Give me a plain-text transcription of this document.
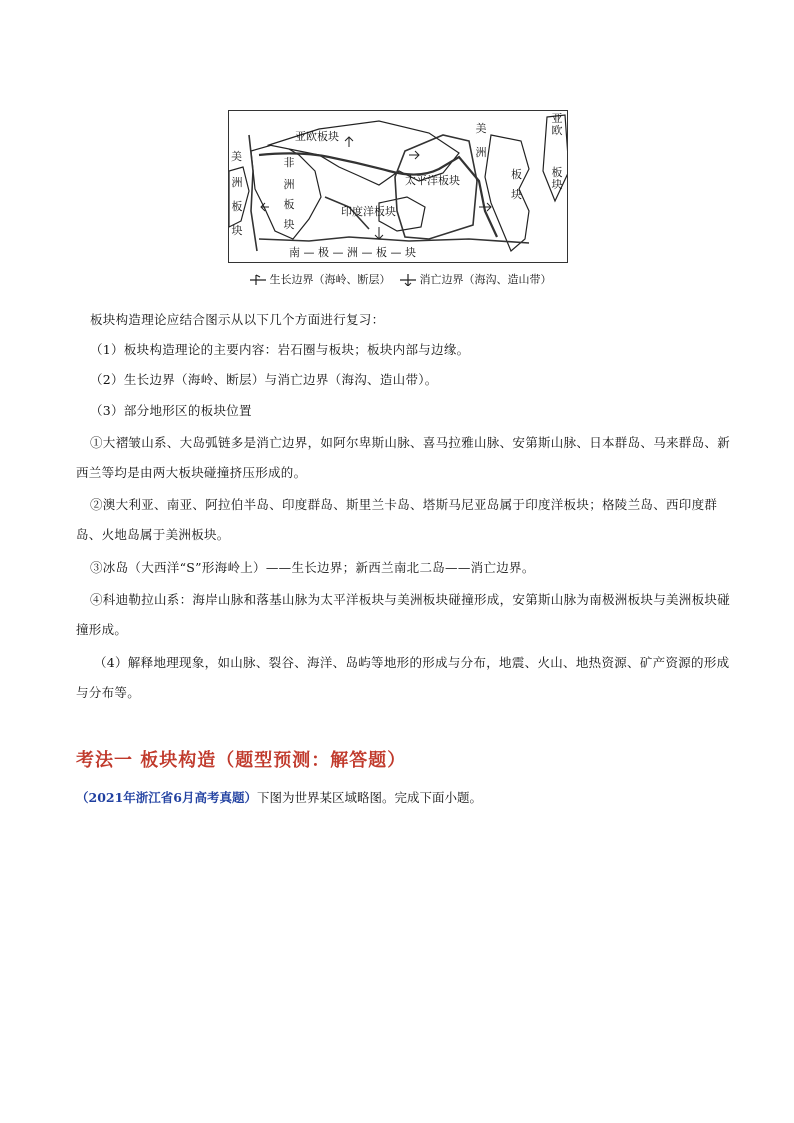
亚欧板块
太平洋板块
印度洋板块
南 — 极 — 洲 — 板 — 块
美	非
洲
板
块
洲
板
块
美
洲
亚
欧
板
块
生长边界（海岭、断层）	消亡边界（海沟、造山带）
板块构造理论应结合图示从以下几个方面进行复习：
（1）板块构造理论的主要内容：岩石圈与板块；板块内部与边缘。
（2）生长边界（海岭、断层）与消亡边界（海沟、造山带）。
（3）部分地形区的板块位置
①大褶皱山系、大岛弧链多是消亡边界，如阿尔卑斯山脉、喜马拉雅山脉、安第斯山脉、日本群岛、马来群岛、新西兰等均是由两大板块碰撞挤压形成的。
②澳大利亚、南亚、阿拉伯半岛、印度群岛、斯里兰卡岛、塔斯马尼亚岛属于印度洋板块；格陵兰岛、西印度群岛、火地岛属于美洲板块。
③冰岛（大西洋“S”形海岭上）——生长边界；新西兰南北二岛——消亡边界。
④科迪勒拉山系：海岸山脉和落基山脉为太平洋板块与美洲板块碰撞形成，安第斯山脉为南极洲板块与美洲板块碰撞形成。
（4）解释地理现象，如山脉、裂谷、海洋、岛屿等地形的形成与分布，地震、火山、地热资源、矿产资源的形成与分布等。
考法一 板块构造（题型预测：解答题）
（2021年浙江省6月高考真题）下图为世界某区域略图。完成下面小题。
